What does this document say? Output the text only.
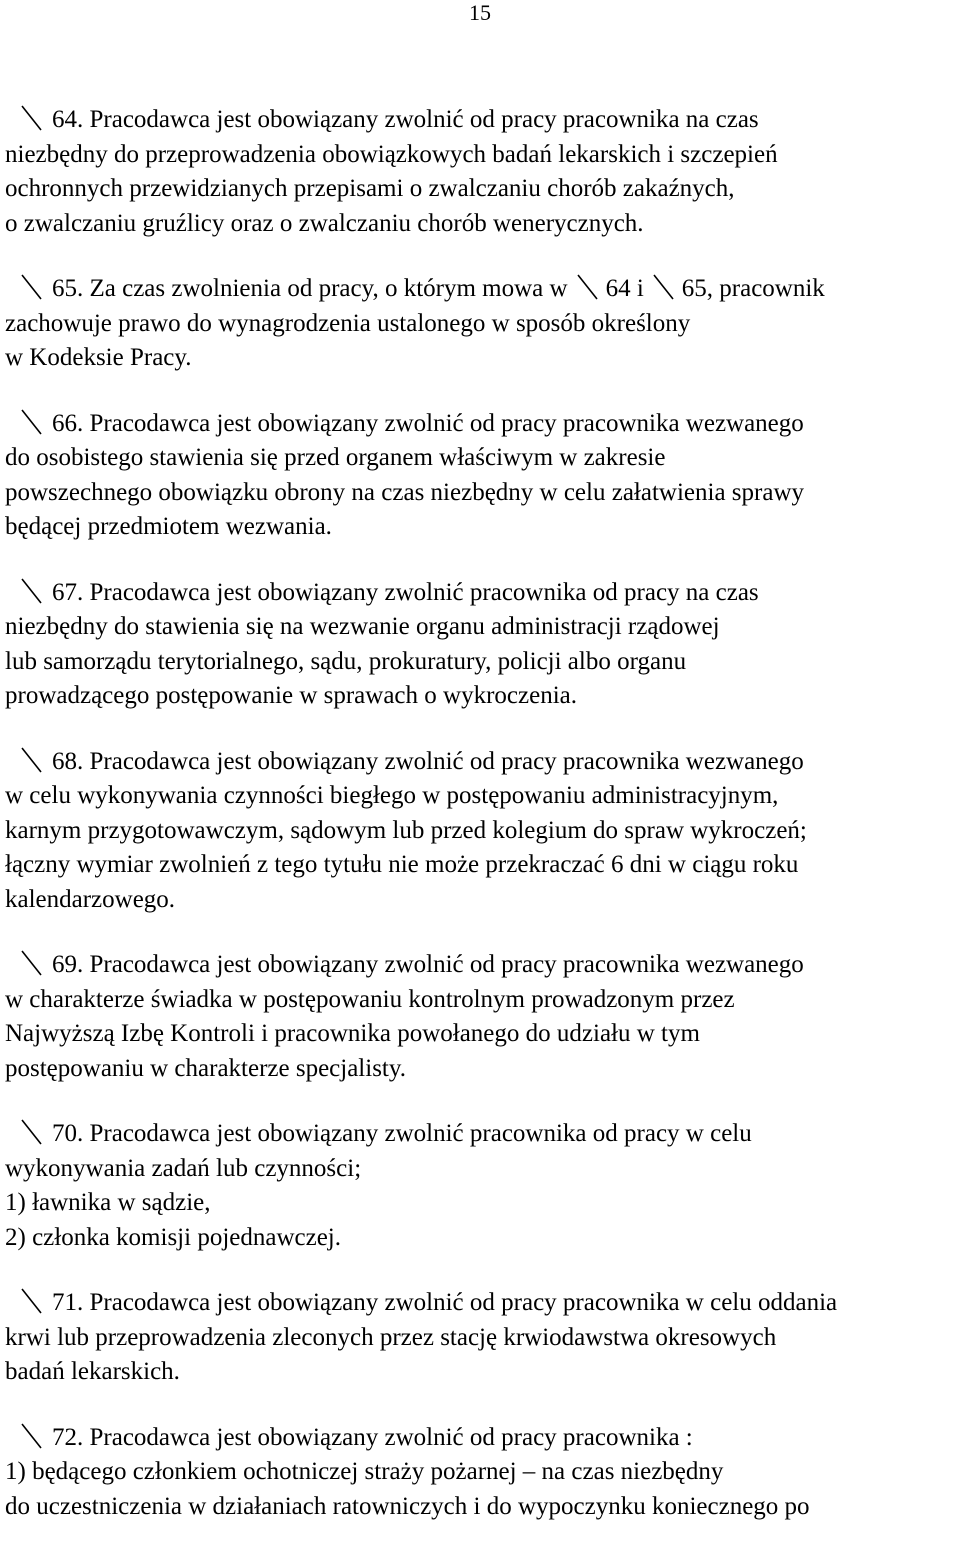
15
64. Pracodawca jest obowiązany zwolnić od pracy pracownika na czas
niezbędny do przeprowadzenia obowiązkowych badań lekarskich i szczepień
ochronnych przewidzianych przepisami o zwalczaniu chorób zakaźnych,
o zwalczaniu gruźlicy oraz o zwalczaniu chorób wenerycznych.
65. Za czas zwolnienia od pracy, o którym mowa w 64 i 65, pracownik
zachowuje prawo do wynagrodzenia ustalonego w sposób określony
w Kodeksie Pracy.
66. Pracodawca jest obowiązany zwolnić od pracy pracownika wezwanego
do osobistego stawienia się przed organem właściwym w zakresie
powszechnego obowiązku obrony na czas niezbędny w celu załatwienia sprawy
będącej przedmiotem wezwania.
67. Pracodawca jest obowiązany zwolnić pracownika od pracy na czas
niezbędny do stawienia się na wezwanie organu administracji rządowej
lub samorządu terytorialnego, sądu, prokuratury, policji albo organu
prowadzącego postępowanie w sprawach o wykroczenia.
68. Pracodawca jest obowiązany zwolnić od pracy pracownika wezwanego
w celu wykonywania czynności biegłego w postępowaniu administracyjnym,
karnym przygotowawczym, sądowym lub przed kolegium do spraw wykroczeń;
łączny wymiar zwolnień z tego tytułu nie może przekraczać 6 dni w ciągu roku
kalendarzowego.
69. Pracodawca jest obowiązany zwolnić od pracy pracownika wezwanego
w charakterze świadka w postępowaniu kontrolnym prowadzonym przez
Najwyższą Izbę Kontroli i pracownika powołanego do udziału w tym
postępowaniu w charakterze specjalisty.
70. Pracodawca jest obowiązany zwolnić pracownika od pracy w celu
wykonywania zadań lub czynności;
1) ławnika w sądzie,
2) członka komisji pojednawczej.
71. Pracodawca jest obowiązany zwolnić od pracy pracownika w celu oddania
krwi lub przeprowadzenia zleconych przez stację krwiodawstwa okresowych
badań lekarskich.
72. Pracodawca jest obowiązany zwolnić od pracy pracownika :
1) będącego członkiem ochotniczej straży pożarnej – na czas niezbędny
do uczestniczenia w działaniach ratowniczych i do wypoczynku koniecznego po
